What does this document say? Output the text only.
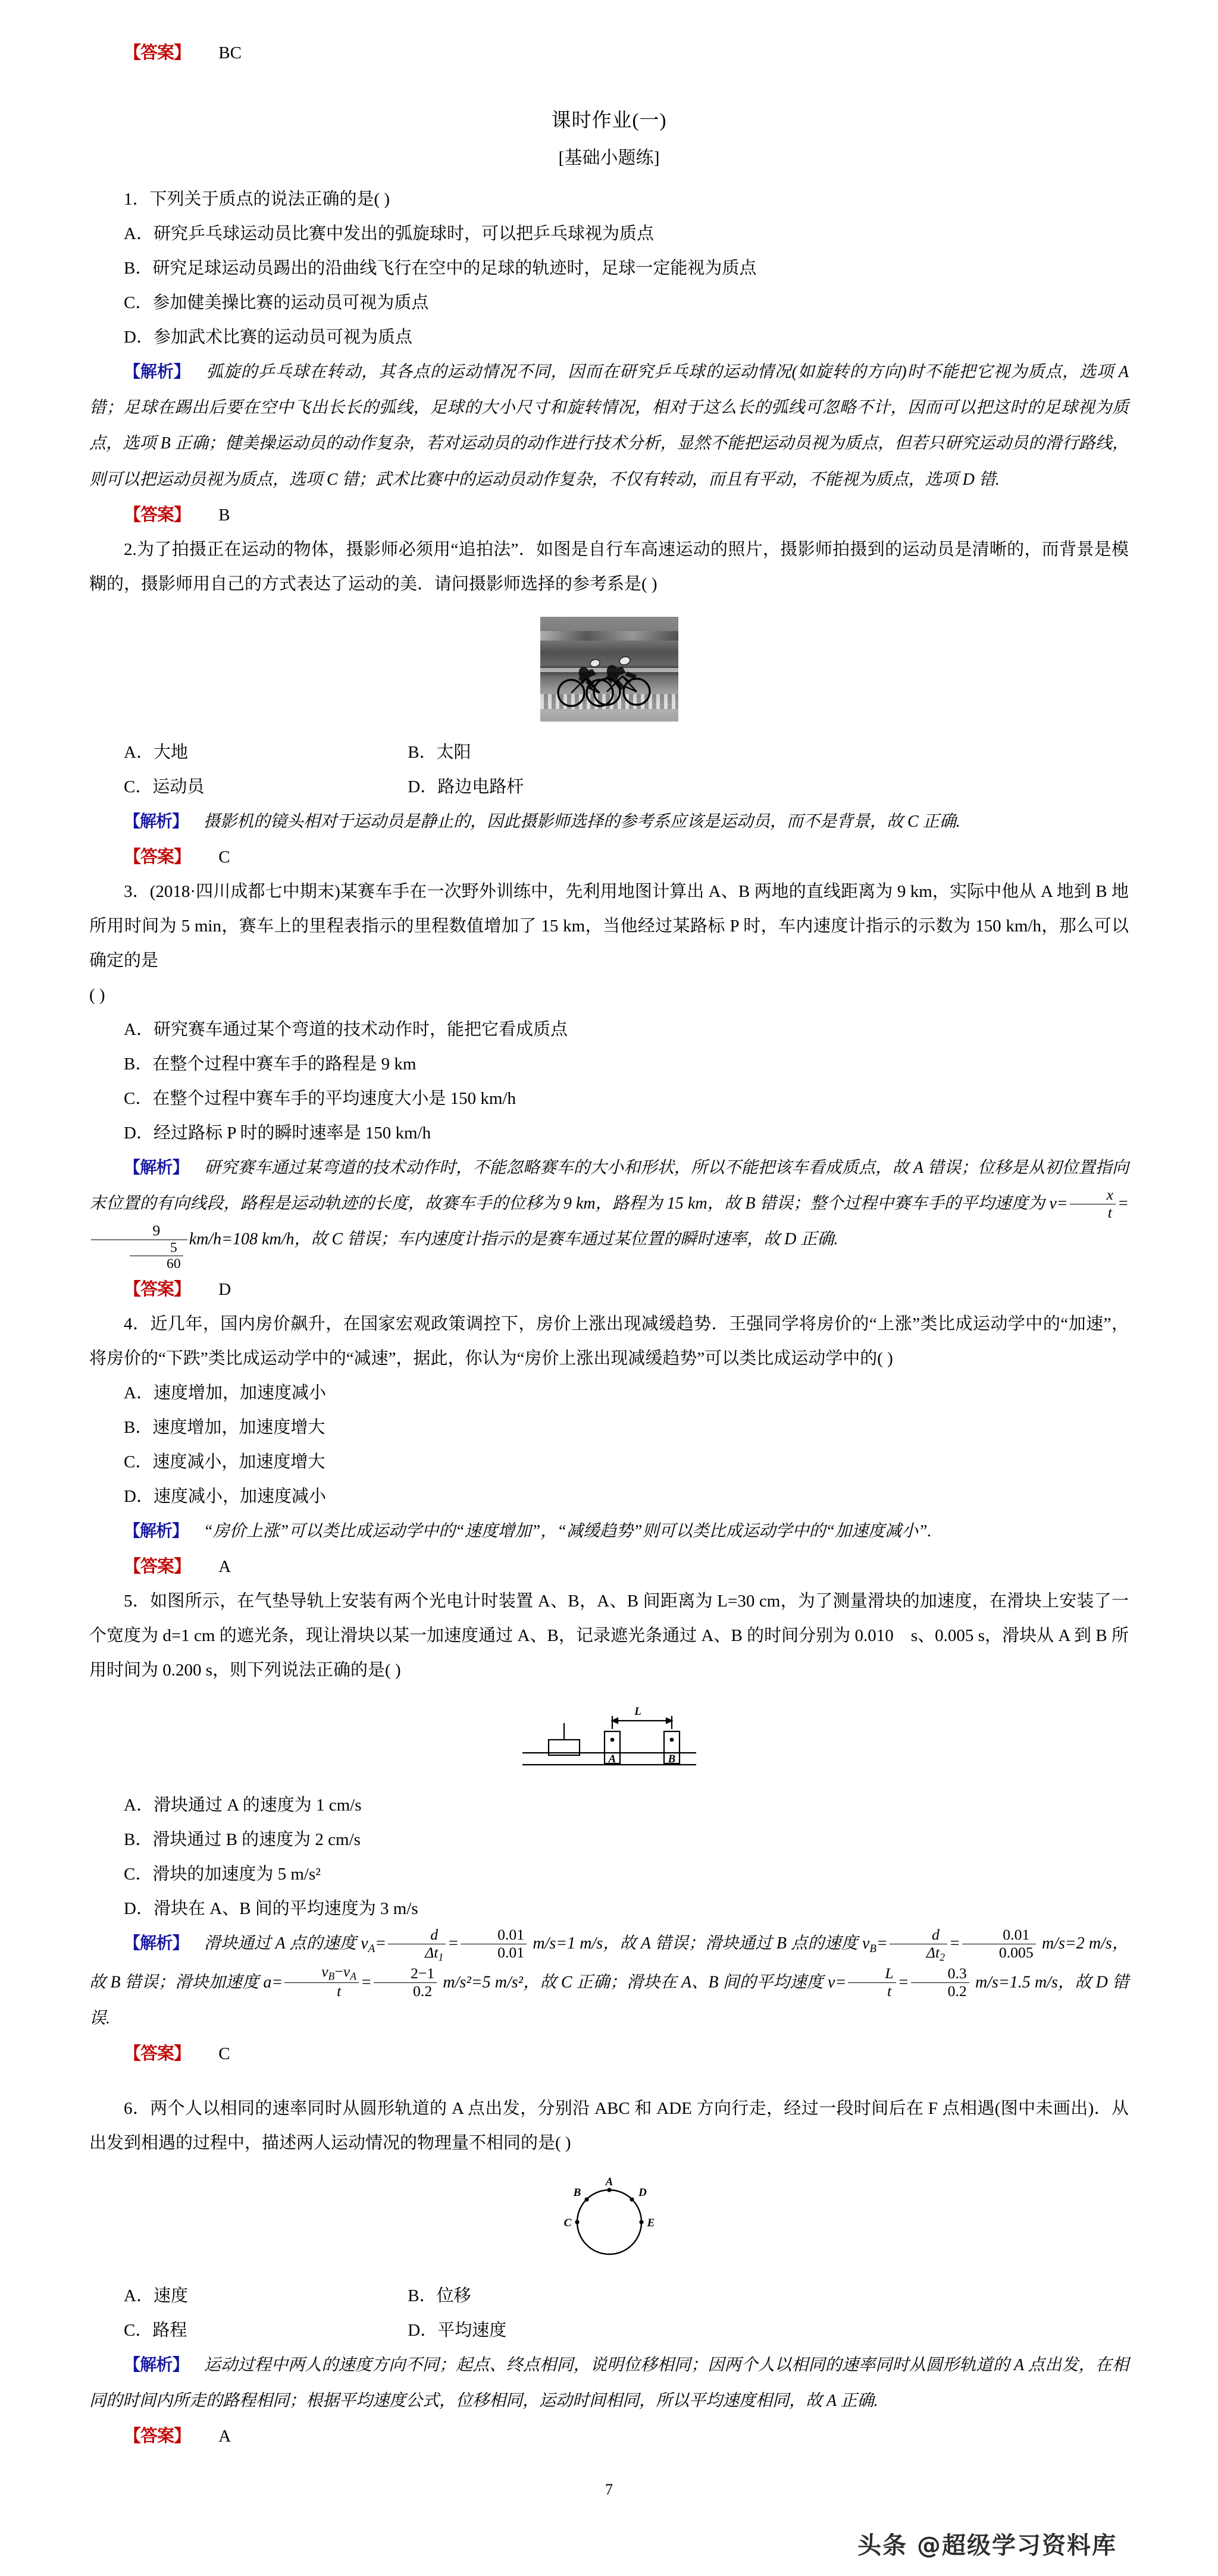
【答案】 BC

课时作业(一)
[基础小题练]

1．下列关于质点的说法正确的是( )

A．研究乒乓球运动员比赛中发出的弧旋球时，可以把乒乓球视为质点

B．研究足球运动员踢出的沿曲线飞行在空中的足球的轨迹时，足球一定能视为质点

C．参加健美操比赛的运动员可视为质点

D．参加武术比赛的运动员可视为质点

【解析】 弧旋的乒乓球在转动，其各点的运动情况不同，因而在研究乒乓球的运动情况(如旋转的方向)时不能把它视为质点，选项 A 错；足球在踢出后要在空中飞出长长的弧线，足球的大小尺寸和旋转情况，相对于这么长的弧线可忽略不计，因而可以把这时的足球视为质点，选项 B 正确；健美操运动员的动作复杂，若对运动员的动作进行技术分析，显然不能把运动员视为质点，但若只研究运动员的滑行路线，则可以把运动员视为质点，选项 C 错；武术比赛中的运动员动作复杂，不仅有转动，而且有平动，不能视为质点，选项 D 错.

【答案】 B

2.为了拍摄正在运动的物体，摄影师必须用“追拍法”．如图是自行车高速运动的照片，摄影师拍摄到的运动员是清晰的，而背景是模糊的，摄影师用自己的方式表达了运动的美．请问摄影师选择的参考系是( )

A．大地	B．太阳

C．运动员	D．路边电路杆

【解析】 摄影机的镜头相对于运动员是静止的，因此摄影师选择的参考系应该是运动员，而不是背景，故 C 正确.

【答案】 C

3．(2018·四川成都七中期末)某赛车手在一次野外训练中，先利用地图计算出 A、B 两地的直线距离为 9 km，实际中他从 A 地到 B 地所用时间为 5 min，赛车上的里程表指示的里程数值增加了 15 km，当他经过某路标 P 时，车内速度计指示的示数为 150 km/h，那么可以确定的是

( )

A．研究赛车通过某个弯道的技术动作时，能把它看成质点

B．在整个过程中赛车手的路程是 9 km

C．在整个过程中赛车手的平均速度大小是 150 km/h

D．经过路标 P 时的瞬时速率是 150 km/h

【解析】 研究赛车通过某弯道的技术动作时，不能忽略赛车的大小和形状，所以不能把该车看成质点，故 A 错误；位移是从初位置指向末位置的有向线段，路程是运动轨迹的长度，故赛车手的位移为 9 km，路程为 15 km，故 B 错误；整个过程中赛车手的平均速度为 $v= \frac{x}{t}$ =
$\frac{9}{\frac{5}{60}} km/h=108$ km/h，故 C 错误；车内速度计指示的是赛车通过某位置的瞬时速率，故 D 正确.

【答案】 D

4．近几年，国内房价飙升，在国家宏观政策调控下，房价上涨出现减缓趋势．王强同学将房价的“上涨”类比成运动学中的“加速”，将房价的“下跌”类比成运动学中的“减速”，据此，你认为“房价上涨出现减缓趋势”可以类比成运动学中的( )

A．速度增加，加速度减小

B．速度增加，加速度增大

C．速度减小，加速度增大

D．速度减小，加速度减小

【解析】 “房价上涨”可以类比成运动学中的“速度增加”，“减缓趋势”则可以类比成运动学中的“加速度减小”.

【答案】 A

5．如图所示，在气垫导轨上安装有两个光电计时装置 A、B，A、B 间距离为 L=30 cm，为了测量滑块的加速度，在滑块上安装了一个宽度为 d=1 cm 的遮光条，现让滑块以某一加速度通过 A、B，记录遮光条通过 A、B 的时间分别为 0.010　s、0.005 s，滑块从 A 到 B 所用时间为 0.200 s，则下列说法正确的是( )

L
A	B

A．滑块通过 A 的速度为 1 cm/s

B．滑块通过 B 的速度为 2 cm/s

C．滑块的加速度为 5 m/s²

D．滑块在 A、B 间的平均速度为 3 m/s

【解析】 滑块通过 A 点的速度 $v_A= \frac{d}{\Delta t_1} = \frac{0.01}{0.01} m/s=1$ m/s，故 A 错误；滑块通过 B 点的速度 $v_B= \frac{d}{\Delta t_2} = \frac{0.01}{0.005} m/s=2$ m/s，故 B 错误；滑块加速度 $a= \frac{v_B-v_A}{t} = \frac{2-1}{0.2} m/s^2=5$ m/s²，故 C 正确；滑块在 A、B 间的平均速度 $v= \frac{L}{t} = \frac{0.3}{0.2} m/s=1.5$ m/s，故 D 错误.

【答案】 C

6．两个人以相同的速率同时从圆形轨道的 A 点出发，分别沿 ABC 和 ADE 方向行走，经过一段时间后在 F 点相遇(图中未画出)．从出发到相遇的过程中，描述两人运动情况的物理量不相同的是( )

A
B
C
D
E

A．速度	B．位移

C．路程	D．平均速度

【解析】 运动过程中两人的速度方向不同；起点、终点相同，说明位移相同；因两个人以相同的速率同时从圆形轨道的 A 点出发，在相同的时间内所走的路程相同；根据平均速度公式，位移相同，运动时间相同，所以平均速度相同，故 A 正确.

【答案】 A

7
头条 @超级学习资料库
